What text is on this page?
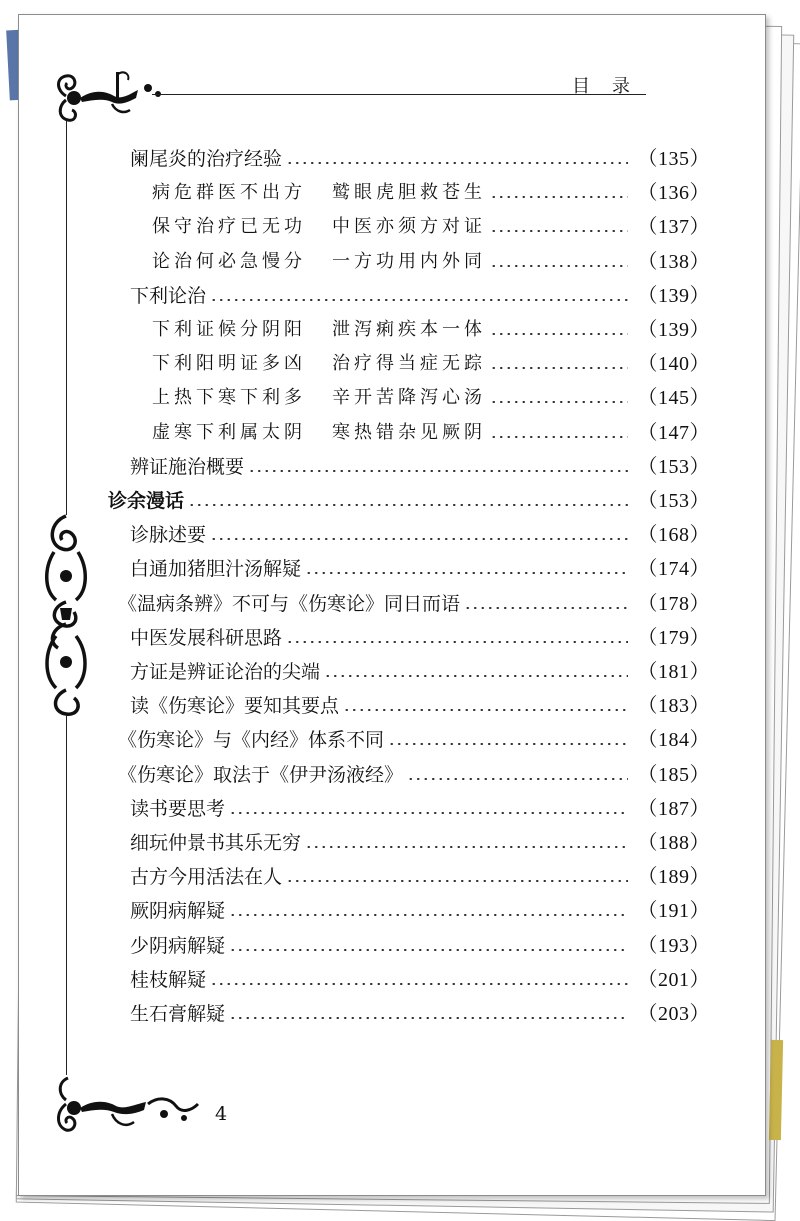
目录
4
阑尾炎的治疗经验	（135）
病危群医不出方 鹫眼虎胆救苍生	（136）
保守治疗已无功 中医亦须方对证	（137）
论治何必急慢分 一方功用内外同	（138）
下利论治	（139）
下利证候分阴阳 泄泻痢疾本一体	（139）
下利阳明证多凶 治疗得当症无踪	（140）
上热下寒下利多 辛开苦降泻心汤	（145）
虚寒下利属太阴 寒热错杂见厥阴	（147）
辨证施治概要	（153）
诊余漫话	（153）
诊脉述要	（168）
白通加猪胆汁汤解疑	（174）
《温病条辨》不可与《伤寒论》同日而语	（178）
中医发展科研思路	（179）
方证是辨证论治的尖端	（181）
读《伤寒论》要知其要点	（183）
《伤寒论》与《内经》体系不同	（184）
《伤寒论》取法于《伊尹汤液经》	（185）
读书要思考	（187）
细玩仲景书其乐无穷	（188）
古方今用活法在人	（189）
厥阴病解疑	（191）
少阴病解疑	（193）
桂枝解疑	（201）
生石膏解疑	（203）
